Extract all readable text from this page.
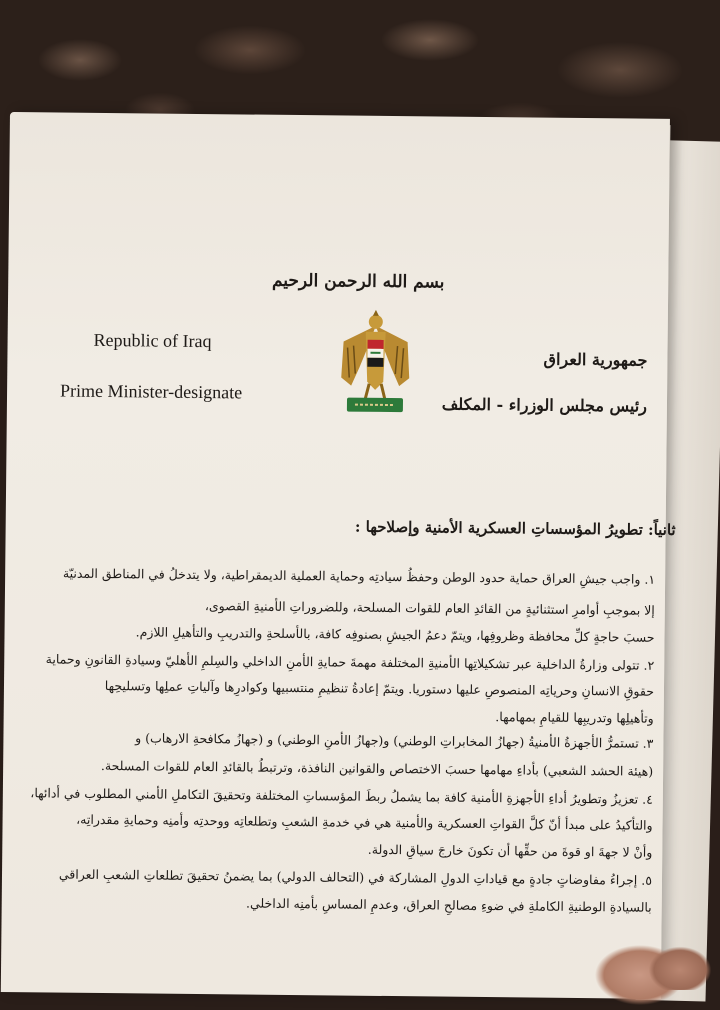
بسم الله الرحمن الرحيم
Republic of Iraq
Prime Minister-designate
جمهورية العراق
رئيس مجلس الوزراء - المكلف
ثانياً: تطويرُ المؤسساتِ العسكرية الأمنية وإصلاحها :
١. واجب جيشِ العراق حماية حدود الوطن وحفظُ سيادتِه وحماية العملية الديمقراطية، ولا يتدخلُ في المناطق المدنيّة
إلا بموجبِ أوامرِ استثنائيةٍ من القائدِ العام للقوات المسلحة، وللضروراتِ الأمنيةِ القصوى،
حسبَ حاجةٍ كلِّ محافظة وظروفِها، ويتمّ دعمُ الجيشِ بصنوفِه كافة، بالأسلحةِ والتدريبِ والتأهيلِ اللازم.
٢. تتولى وزارةُ الداخلية عبر تشكيلاتِها الأمنيةِ المختلفة مهمةَ حمايةِ الأمنِ الداخلي والسِلمِ الأهليّ وسيادةِ القانونِ وحماية
حقوقِ الانسانِ وحرياتِه المنصوصِ عليها دستوريا. ويتمّ إعادةُ تنظيمِ منتسبيها وكوادرِها وآلياتِ عملِها وتسليحِها
وتأهيلِها وتدريبِها للقيامِ بمهامها.
٣. تستمرُّ الأجهزةُ الأمنيةُ (جهازُ المخابراتِ الوطني) و(جهازُ الأمنِ الوطني) و (جهازُ مكافحةِ الارهاب) و
(هيئة الحشد الشعبي) بأداءِ مهامها حسبَ الاختصاص والقوانين النافذة، وترتبطُ بالقائدِ العام للقوات المسلحة.
٤. تعزيزُ وتطويرُ أداءِ الأجهزةِ الأمنية كافة بما يشملُ ربطَ المؤسساتِ المختلفة وتحقيقَ التكاملِ الأمني المطلوب في أدائها،
والتأكيدُ على مبدأ أنّ كلَّ القواتِ العسكرية والأمنية هي في خدمةِ الشعبِ وتطلعاتِه ووحدتِه وأمنِه وحمايةِ مقدراتِه،
وأنْ لا جهةَ او قوةَ من حقِّها أن تكونَ خارجَ سياقِ الدولة.
٥. إجراءُ مفاوضاتٍ جادةٍ مع قياداتِ الدولِ المشاركة في (التحالف الدولي) بما يضمنُ تحقيقَ تطلعاتِ الشعبِ العراقي
بالسيادةِ الوطنيةِ الكاملةِ في ضوءِ مصالحِ العراق، وعدمِ المساسِ بأمنِه الداخلي.
